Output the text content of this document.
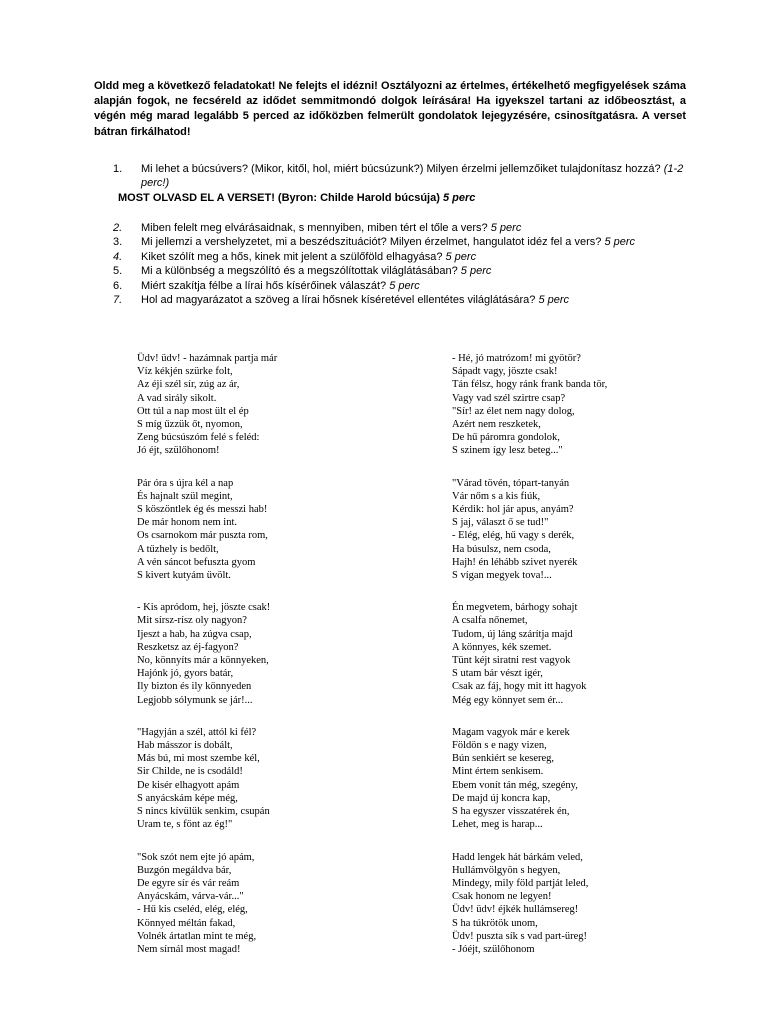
Oldd meg a következő feladatokat! Ne felejts el idézni! Osztályozni az értelmes, értékelhető megfigyelések száma alapján fogok, ne fecséreld az idődet semmitmondó dolgok leírására! Ha igyekszel tartani az időbeosztást, a végén még marad legalább 5 perced az időközben felmerült gondolatok lejegyzésére, csinosítgatásra. A verset bátran firkálhatod!

1.	Mi lehet a búcsúvers? (Mikor, kitől, hol, miért búcsúzunk?) Milyen érzelmi jellemzőiket tulajdonítasz hozzá? (1-2 perc!)
MOST OLVASD EL A VERSET! (Byron: Childe Harold búcsúja) 5 perc
2.	Miben felelt meg elvárásaidnak, s mennyiben, miben tért el tőle a vers? 5 perc
3.	Mi jellemzi a vershelyzetet, mi a beszédszituációt? Milyen érzelmet, hangulatot idéz fel a vers? 5 perc
4.	Kiket szólít meg a hős, kinek mit jelent a szülőföld elhagyása? 5 perc
5.	Mi a különbség a megszólító és a megszólítottak világlátásában? 5 perc
6.	Miért szakítja félbe a lírai hős kísérőinek válaszát? 5 perc
7.	Hol ad magyarázatot a szöveg a lírai hősnek kíséretével ellentétes világlátására? 5 perc
Üdv! üdv! - hazámnak partja már
Víz kékjén szürke folt,
Az éji szél sír, zúg az ár,
A vad sirály sikolt.
Ott túl a nap most ült el ép
S míg űzzük őt, nyomon,
Zeng búcsúszóm felé s feléd:
Jó éjt, szülőhonom!
Pár óra s újra kél a nap
És hajnalt szül megint,
S köszöntlek ég és messzi hab!
De már honom nem int.
Os csarnokom már puszta rom,
A tűzhely is bedőlt,
A vén sáncot befuszta gyom
S kivert kutyám üvölt.
- Kis apródom, hej, jöszte csak!
Mit sírsz-rísz oly nagyon?
Ijeszt a hab, ha zúgva csap,
Reszketsz az éj-fagyon?
No, könnyíts már a könnyeken,
Hajónk jó, gyors batár,
Ily bizton és ily könnyeden
Legjobb sólymunk se jár!...
"Hagyján a szél, attól ki fél?
Hab másszor is dobált,
Más bú, mi most szembe kél,
Sir Childe, ne is csodáld!
De kisér elhagyott apám
S anyácskám képe még,
S nincs kívülük senkim, csupán
Uram te, s fönt az ég!"
"Sok szót nem ejte jó apám,
Buzgón megáldva bár,
De egyre sír és vár reám
Anyácskám, várva-vár..."
- Hű kis cseléd, elég, elég,
Könnyed méltán fakad,
Volnék ártatlan mint te még,
Nem sírnál most magad!
- Hé, jó matrózom! mi gyötör?
Sápadt vagy, jöszte csak!
Tán félsz, hogy ránk frank banda tör,
Vagy vad szél szirtre csap?
"Sír! az élet nem nagy dolog,
Azért nem reszketek,
De hű páromra gondolok,
S szinem így lesz beteg..."
"Várad tövén, tópart-tanyán
Vár nőm s a kis fiúk,
Kérdik: hol jár apus, anyám?
S jaj, választ ő se tud!"
- Elég, elég, hű vagy s derék,
Ha búsulsz, nem csoda,
Hajh! én léhább szivet nyerék
S vígan megyek tova!...
Én megvetem, bárhogy sohajt
A csalfa nőnemet,
Tudom, új láng szárítja majd
A könnyes, kék szemet.
Tünt kéjt siratni rest vagyok
S utam bár vészt igér,
Csak az fáj, hogy mit itt hagyok
Még egy könnyet sem ér...
Magam vagyok már e kerek
Földön s e nagy vizen,
Bún senkiért se kesereg,
Mint értem senkisem.
Ebem vonít tán még, szegény,
De majd új koncra kap,
S ha egyszer visszatérek én,
Lehet, meg is harap...
Hadd lengek hát bárkám veled,
Hullámvölgyön s hegyen,
Mindegy, mily föld partját leled,
Csak honom ne legyen!
Üdv! üdv! éjkék hullámsereg!
S ha túkrötök unom,
Üdv! puszta sík s vad part-üreg!
- Jóéjt, szülőhonom
